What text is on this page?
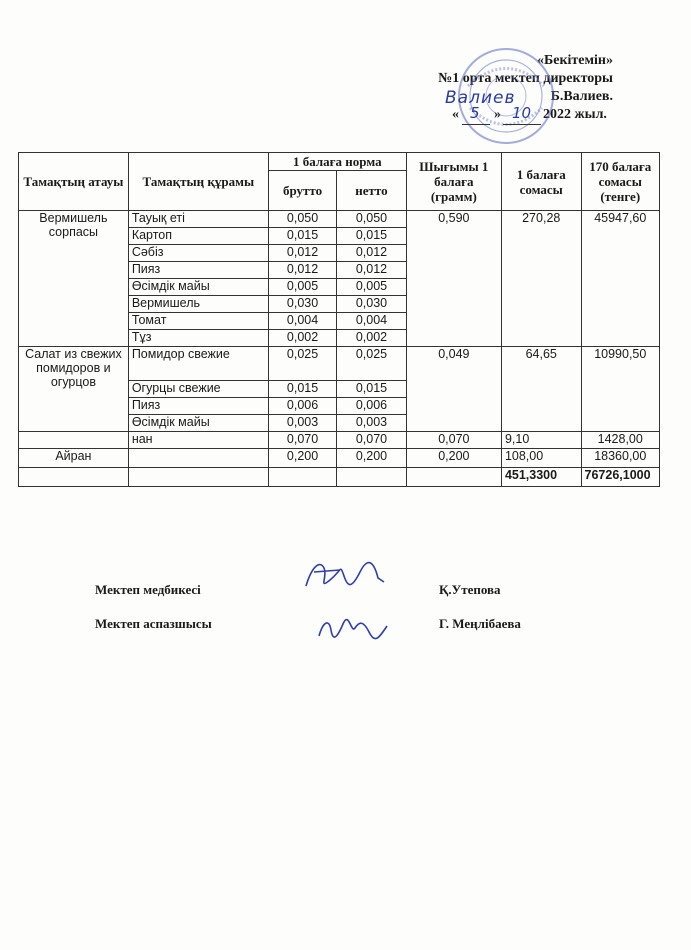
«Бекітемін»
№1 орта мектеп директоры
Б.Валиев.
«	»	2022 жыл.
Валиев
5 10
Тамақтың атауы	Тамақтың құрамы	1 балаға норма		Шығымы 1 балаға (грамм)	1 балаға сомасы	170 балаға сомасы (тенге)
		брутто	нетто			
Вермишель сорпасы	Тауық еті	0,050	0,050	0,590	270,28	45947,60
	Картоп	0,015	0,015			
	Сәбіз	0,012	0,012			
	Пияз	0,012	0,012			
	Өсімдік майы	0,005	0,005			
	Вермишель	0,030	0,030			
	Томат	0,004	0,004			
	Тұз	0,002	0,002			
Салат из свежих помидоров и огурцов	Помидор свежие	0,025	0,025	0,049	64,65	10990,50
	Огурцы свежие	0,015	0,015			
	Пияз	0,006	0,006			
	Өсімдік майы	0,003	0,003			
	нан	0,070	0,070	0,070	9,10	1428,00
Айран		0,200	0,200	0,200	108,00	18360,00
					451,3300	76726,1000
Мектеп медбикесі	Қ.Утепова
Мектеп аспазшысы	Г. Меңлібаева
